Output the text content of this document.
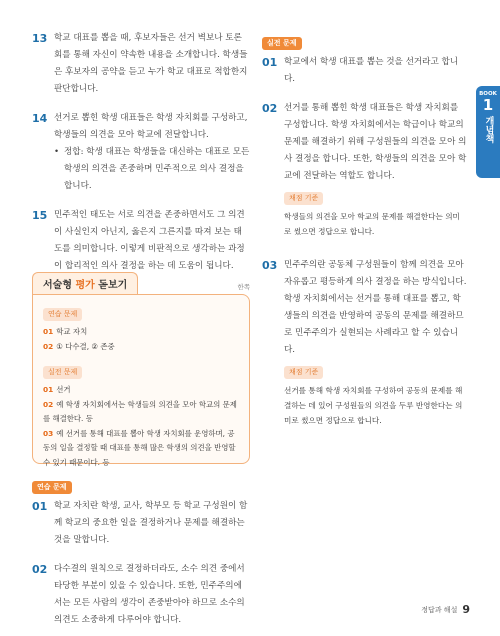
13 학교 대표를 뽑을 때, 후보자들은 선거 벽보나 토론회를 통해 자신이 약속한 내용을 소개합니다. 학생들은 후보자의 공약을 듣고 누가 학교 대표로 적합한지 판단합니다.
14 선거로 뽑힌 학생 대표들은 학생 자치회를 구성하고, 학생들의 의견을 모아 학교에 전달합니다.
• 정합: 학생 대표는 학생들을 대신하는 대표로 모든 학생의 의견을 존중하며 민주적으로 의사 결정을 합니다.
15 민주적인 태도는 서로 의견을 존중하면서도 그 의견이 사실인지 아닌지, 옳은지 그른지를 따져 보는 태도를 의미합니다. 이렇게 비판적으로 생각하는 과정이 합리적인 의사 결정을 하는 데 도움이 됩니다.
서술형 평가 돋보기	한쪽
연습 문제
01 학교 자치
02 ① 다수결, ② 존중
실전 문제
01 선거
02 예 학생 자치회에서는 학생들의 의견을 모아 학교의 문제를 해결한다. 등
03 예 선거를 통해 대표를 뽑아 학생 자치회를 운영하며, 공동의 일을 결정할 때 대표를 통해 많은 학생의 의견을 반영할 수 있기 때문이다. 등
연습 문제
01 학교 자치란 학생, 교사, 학부모 등 학교 구성원이 함께 학교의 중요한 일을 결정하거나 문제를 해결하는 것을 말합니다.
02 다수결의 원칙으로 결정하더라도, 소수 의견 중에서 타당한 부분이 있을 수 있습니다. 또한, 민주주의에서는 모든 사람의 생각이 존중받아야 하므로 소수의 의견도 소중하게 다루어야 합니다.
실전 문제
01 학교에서 학생 대표를 뽑는 것을 선거라고 합니다.
02 선거를 통해 뽑힌 학생 대표들은 학생 자치회를 구성합니다. 학생 자치회에서는 학급이나 학교의 문제를 해결하기 위해 구성원들의 의견을 모아 의사 결정을 합니다. 또한, 학생들의 의견을 모아 학교에 전달하는 역할도 합니다.
채점 기준
학생들의 의견을 모아 학교의 문제를 해결한다는 의미로 썼으면 정답으로 합니다.
03 민주주의란 공동체 구성원들이 함께 의견을 모아 자유롭고 평등하게 의사 결정을 하는 방식입니다. 학생 자치회에서는 선거를 통해 대표를 뽑고, 학생들의 의견을 반영하여 공동의 문제를 해결하므로 민주주의가 실현되는 사례라고 할 수 있습니다.
채점 기준
선거를 통해 학생 자치회를 구성하여 공동의 문제를 해결하는 데 있어 구성원들의 의견을 두루 반영한다는 의미로 썼으면 정답으로 합니다.
BOOK
1
개념책
정답과 해설 9
